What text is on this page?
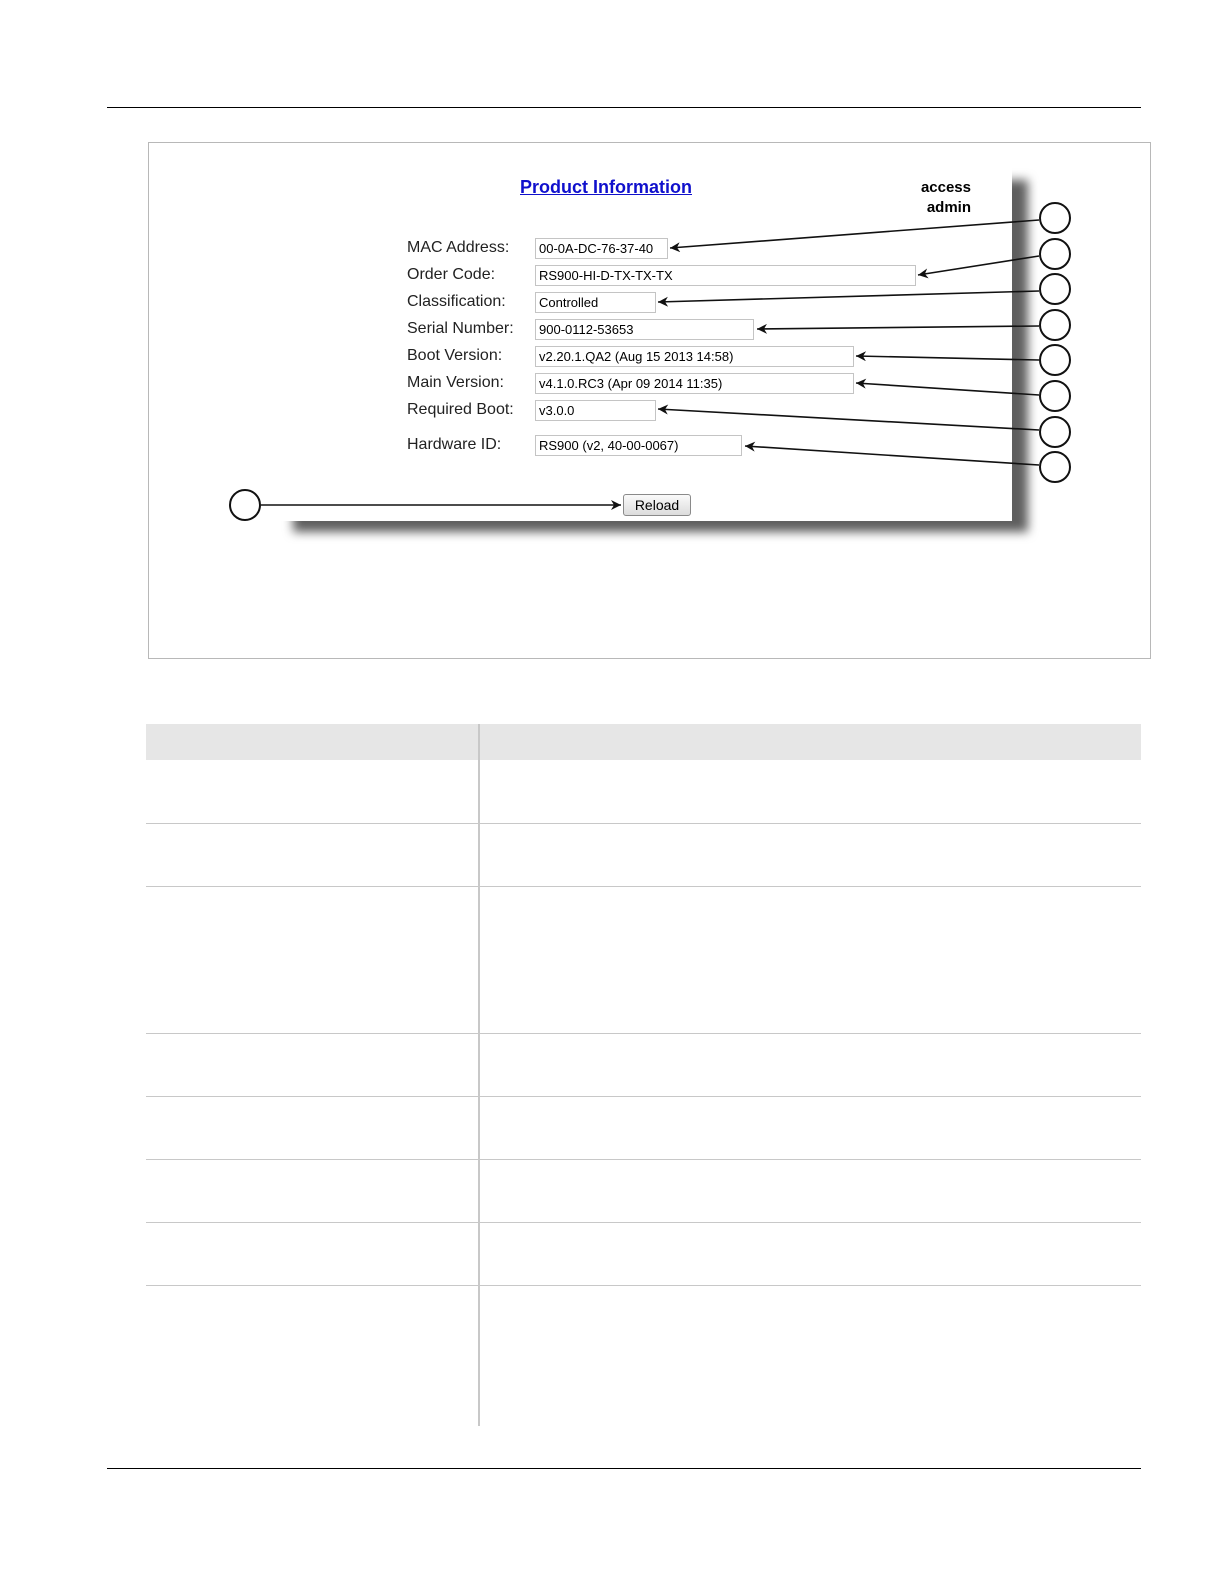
Product Information	access
admin
MAC Address:	00-0A-DC-76-37-40
Order Code:	RS900-HI-D-TX-TX-TX
Classification:	Controlled
Serial Number:	900-0112-53653
Boot Version:	v2.20.1.QA2 (Aug 15 2013 14:58)
Main Version:	v4.1.0.RC3 (Apr 09 2014 11:35)
Required Boot:	v3.0.0
Hardware ID:	RS900 (v2, 40-00-0067)
Reload
